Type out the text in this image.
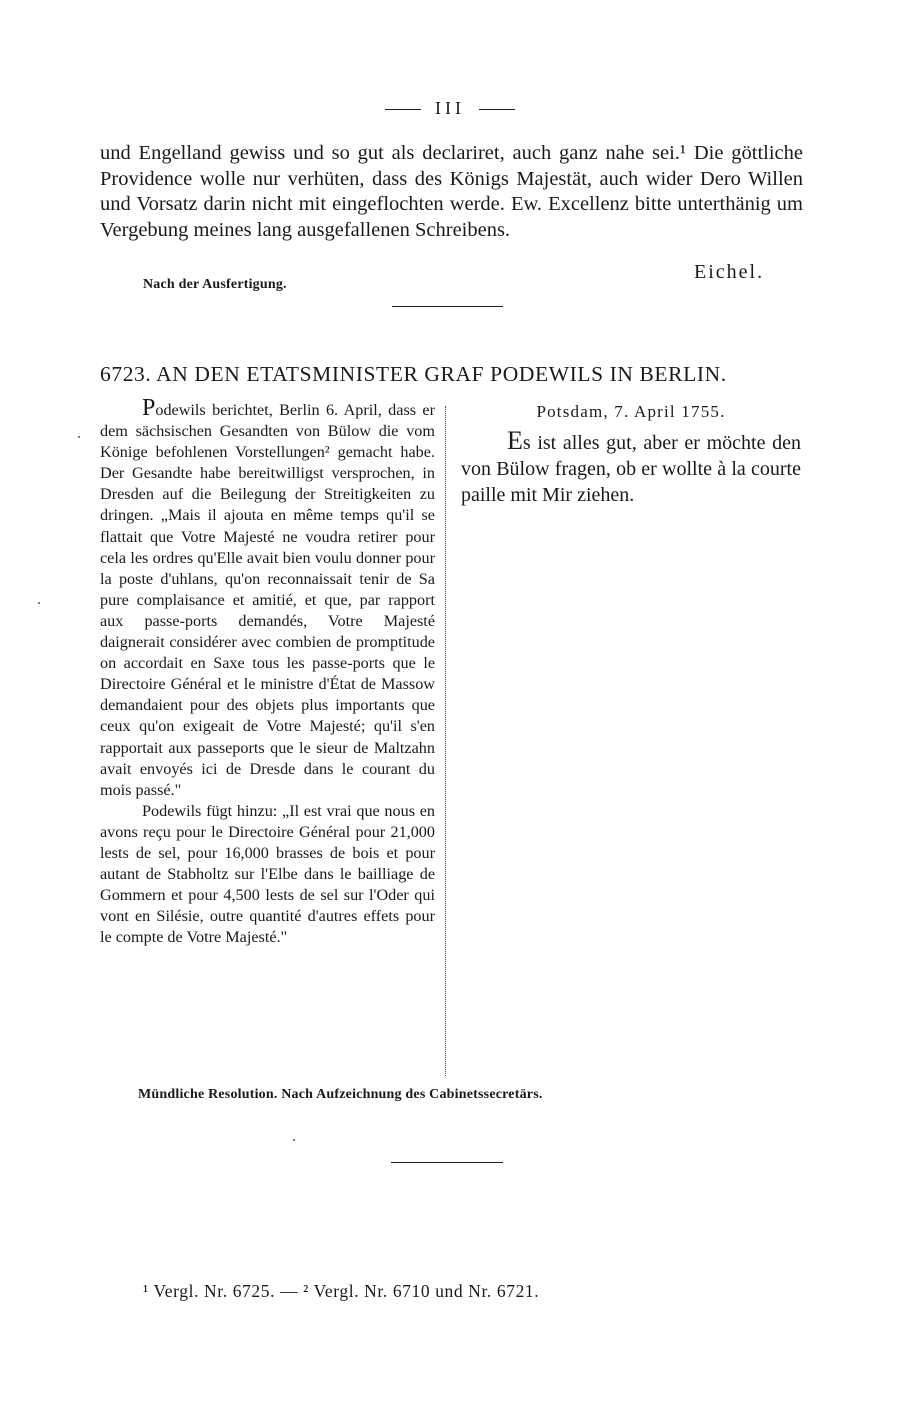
III

und Engelland gewiss und so gut als declariret, auch ganz nahe sei.¹ Die göttliche Providence wolle nur verhüten, dass des Königs Majestät, auch wider Dero Willen und Vorsatz darin nicht mit eingeflochten werde. Ew. Excellenz bitte unterthänig um Vergebung meines lang ausgefallenen Schreibens.

Eichel.
Nach der Ausfertigung.
6723. AN DEN ETATSMINISTER GRAF PODEWILS IN BERLIN.

Podewils berichtet, Berlin 6. April, dass er dem sächsischen Gesandten von Bülow die vom Könige befohlenen Vorstellungen² gemacht habe. Der Gesandte habe bereitwilligst versprochen, in Dresden auf die Beilegung der Streitigkeiten zu dringen. „Mais il ajouta en même temps qu'il se flattait que Votre Majesté ne voudra retirer pour cela les ordres qu'Elle avait bien voulu donner pour la poste d'uhlans, qu'on reconnaissait tenir de Sa pure complaisance et amitié, et que, par rapport aux passe-ports demandés, Votre Majesté daignerait considérer avec combien de promptitude on accordait en Saxe tous les passe-ports que le Directoire Général et le ministre d'État de Massow demandaient pour des objets plus importants que ceux qu'on exigeait de Votre Majesté; qu'il s'en rapportait aux passeports que le sieur de Maltzahn avait envoyés ici de Dresde dans le courant du mois passé."

Podewils fügt hinzu: „Il est vrai que nous en avons reçu pour le Directoire Général pour 21,000 lests de sel, pour 16,000 brasses de bois et pour autant de Stabholtz sur l'Elbe dans le bailliage de Gommern et pour 4,500 lests de sel sur l'Oder qui vont en Silésie, outre quantité d'autres effets pour le compte de Votre Majesté."

Potsdam, 7. April 1755.

Es ist alles gut, aber er möchte den von Bülow fragen, ob er wollte à la courte paille mit Mir ziehen.

Mündliche Resolution. Nach Aufzeichnung des Cabinetssecretärs.
¹ Vergl. Nr. 6725. — ² Vergl. Nr. 6710 und Nr. 6721.
